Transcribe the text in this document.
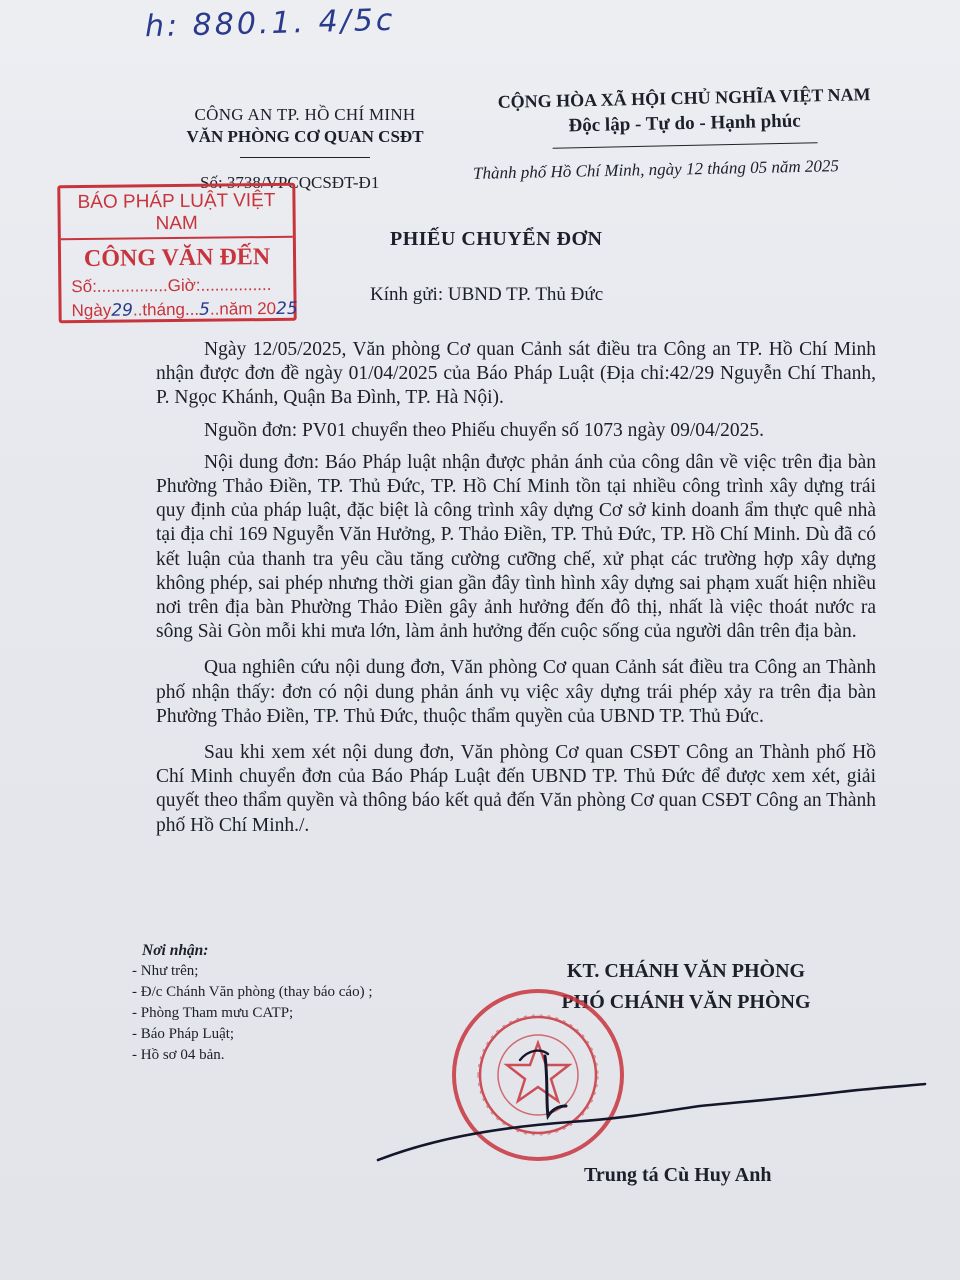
h: 880.1. 4/5c
CÔNG AN TP. HỒ CHÍ MINH
VĂN PHÒNG CƠ QUAN CSĐT
CỘNG HÒA XÃ HỘI CHỦ NGHĨA VIỆT NAM
Độc lập - Tự do - Hạnh phúc
Số: 3738/VPCQCSĐT-Đ1	Thành phố Hồ Chí Minh, ngày 12 tháng 05 năm 2025
BÁO PHÁP LUẬT VIỆT NAM
CÔNG VĂN ĐẾN
Số:...............Giờ:...............
Ngày29..tháng...5..năm 2025
PHIẾU CHUYỂN ĐƠN
Kính gửi: UBND TP. Thủ Đức

Ngày 12/05/2025, Văn phòng Cơ quan Cảnh sát điều tra Công an TP. Hồ Chí Minh nhận được đơn đề ngày 01/04/2025 của Báo Pháp Luật (Địa chỉ:42/29 Nguyễn Chí Thanh, P. Ngọc Khánh, Quận Ba Đình, TP. Hà Nội).

Nguồn đơn: PV01 chuyển theo Phiếu chuyển số 1073 ngày 09/04/2025.

Nội dung đơn: Báo Pháp luật nhận được phản ánh của công dân về việc trên địa bàn Phường Thảo Điền, TP. Thủ Đức, TP. Hồ Chí Minh tồn tại nhiều công trình xây dựng trái quy định của pháp luật, đặc biệt là công trình xây dựng Cơ sở kinh doanh ẩm thực quê nhà tại địa chỉ 169 Nguyễn Văn Hưởng, P. Thảo Điền, TP. Thủ Đức, TP. Hồ Chí Minh. Dù đã có kết luận của thanh tra yêu cầu tăng cường cưỡng chế, xử phạt các trường hợp xây dựng không phép, sai phép nhưng thời gian gần đây tình hình xây dựng sai phạm xuất hiện nhiều nơi trên địa bàn Phường Thảo Điền gây ảnh hưởng đến đô thị, nhất là việc thoát nước ra sông Sài Gòn mỗi khi mưa lớn, làm ảnh hưởng đến cuộc sống của người dân trên địa bàn.

Qua nghiên cứu nội dung đơn, Văn phòng Cơ quan Cảnh sát điều tra Công an Thành phố nhận thấy: đơn có nội dung phản ánh vụ việc xây dựng trái phép xảy ra trên địa bàn Phường Thảo Điền, TP. Thủ Đức, thuộc thẩm quyền của UBND TP. Thủ Đức.

Sau khi xem xét nội dung đơn, Văn phòng Cơ quan CSĐT Công an Thành phố Hồ Chí Minh chuyển đơn của Báo Pháp Luật đến UBND TP. Thủ Đức để được xem xét, giải quyết theo thẩm quyền và thông báo kết quả đến Văn phòng Cơ quan CSĐT Công an Thành phố Hồ Chí Minh./.

Nơi nhận:
- Như trên;
- Đ/c Chánh Văn phòng (thay báo cáo) ;
- Phòng Tham mưu CATP;
- Báo Pháp Luật;
- Hồ sơ 04 bản.
KT. CHÁNH VĂN PHÒNG
PHÓ CHÁNH VĂN PHÒNG
Trung tá Cù Huy Anh
